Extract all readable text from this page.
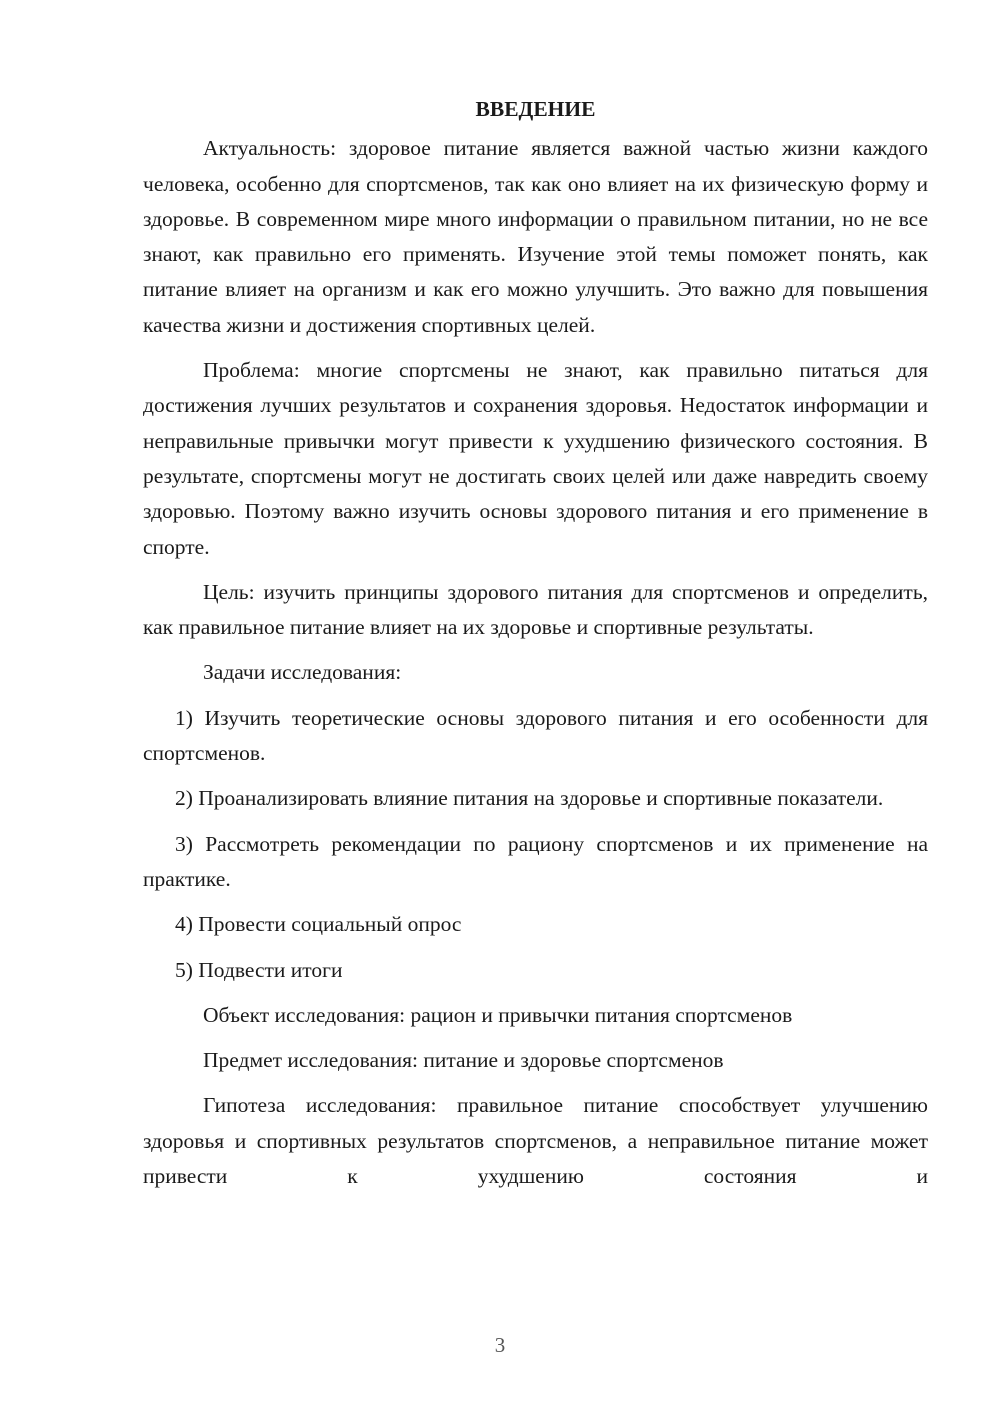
ВВЕДЕНИЕ

Актуальность: здоровое питание является важной частью жизни каждого человека, особенно для спортсменов, так как оно влияет на их физическую форму и здоровье. В современном мире много информации о правильном питании, но не все знают, как правильно его применять. Изучение этой темы поможет понять, как питание влияет на организм и как его можно улучшить. Это важно для повышения качества жизни и достижения спортивных целей.

Проблема: многие спортсмены не знают, как правильно питаться для достижения лучших результатов и сохранения здоровья. Недостаток информации и неправильные привычки могут привести к ухудшению физического состояния. В результате, спортсмены могут не достигать своих целей или даже навредить своему здоровью. Поэтому важно изучить основы здорового питания и его применение в спорте.

Цель: изучить принципы здорового питания для спортсменов и определить, как правильное питание влияет на их здоровье и спортивные результаты.

Задачи исследования:

1) Изучить теоретические основы здорового питания и его особенности для спортсменов.

2) Проанализировать влияние питания на здоровье и спортивные показатели.

3) Рассмотреть рекомендации по рациону спортсменов и их применение на практике.

4) Провести социальный опрос

5) Подвести итоги

Объект исследования: рацион и привычки питания спортсменов

Предмет исследования: питание и здоровье спортсменов

Гипотеза исследования: правильное питание способствует улучшению здоровья и спортивных результатов спортсменов, а неправильное питание может привести к ухудшению состояния и

3
